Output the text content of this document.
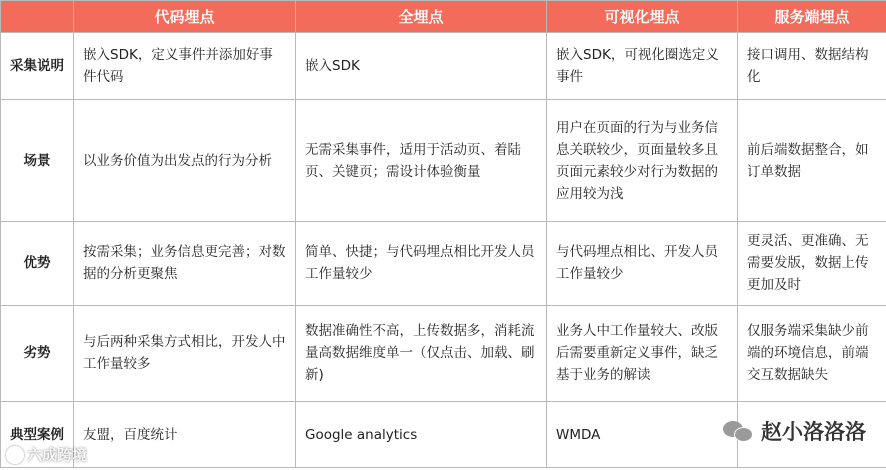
	代码埋点	全埋点	可视化埋点	服务端埋点
采集说明	嵌入SDK，定义事件并添加好事件代码	嵌入SDK	嵌入SDK，可视化圈选定义事件	接口调用、数据结构化
场景	以业务价值为出发点的行为分析	无需采集事件，适用于活动页、着陆页、关键页；需设计体验衡量	用户在页面的行为与业务信息关联较少，页面量较多且页面元素较少对行为数据的应用较为浅	前后端数据整合，如订单数据
优势	按需采集；业务信息更完善；对数据的分析更聚焦	简单、快捷；与代码埋点相比开发人员工作量较少	与代码埋点相比、开发人员工作量较少	更灵活、更准确、无需要发版，数据上传更加及时
劣势	与后两种采集方式相比，开发人中工作量较多	数据准确性不高，上传数据多，消耗流量高数据维度单一（仅点击、加载、刷新)	业务人中工作量较大、改版后需要重新定义事件，缺乏基于业务的解读	仅服务端采集缺少前端的环境信息，前端交互数据缺失
典型案例	友盟，百度统计	Google analytics	WMDA	
六成跨境
赵小洛洛洛
